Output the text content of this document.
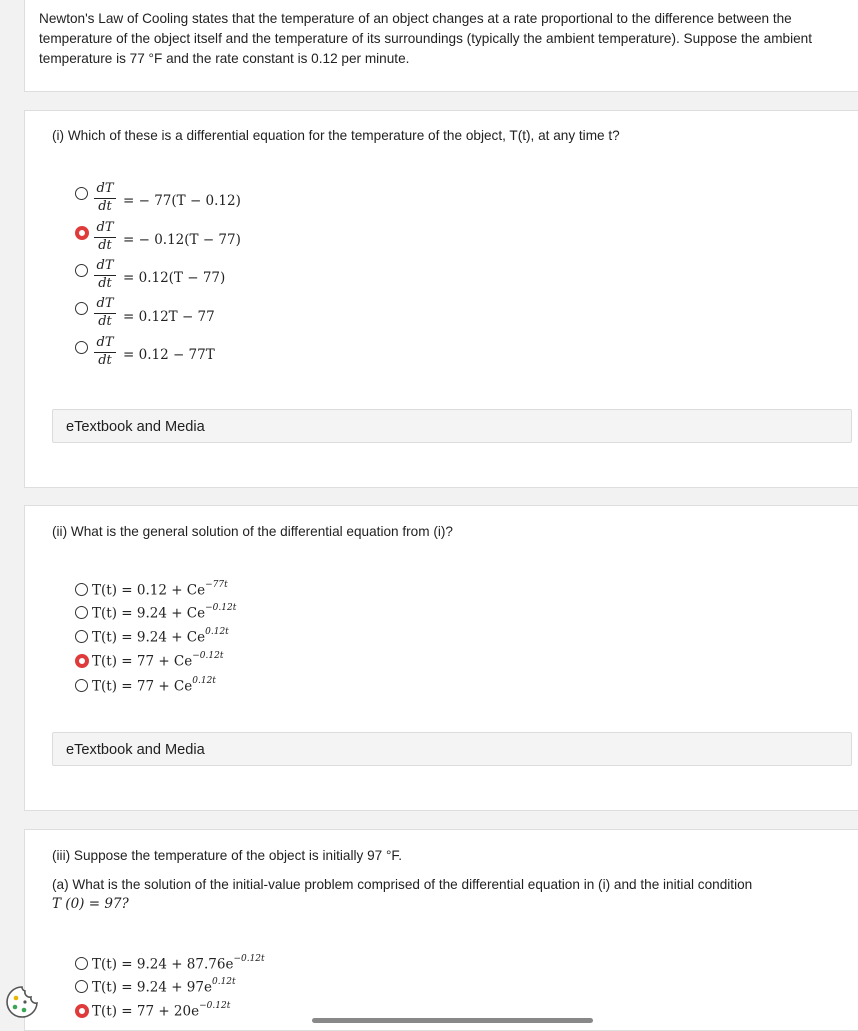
Newton's Law of Cooling states that the temperature of an object changes at a rate proportional to the difference between the temperature of the object itself and the temperature of its surroundings (typically the ambient temperature). Suppose the ambient temperature is 77 °F and the rate constant is 0.12 per minute.

(i) Which of these is a differential equation for the temperature of the object, T(t), at any time t?
dT
dt = − 77(T − 0.12)
dT
dt = − 0.12(T − 77)
dT
dt = 0.12(T − 77)
dT
dt = 0.12T − 77
dT
dt = 0.12 − 77T
eTextbook and Media
(ii) What is the general solution of the differential equation from (i)?
$T(t) = 0.12 + Ce^{-77t}$
$T(t) = 9.24 + Ce^{-0.12t}$
$T(t) = 9.24 + Ce^{0.12t}$
$T(t) = 77 + Ce^{-0.12t}$
$T(t) = 77 + Ce^{0.12t}$
eTextbook and Media
(iii) Suppose the temperature of the object is initially 97 °F.
(a) What is the solution of the initial-value problem comprised of the differential equation in (i) and the initial condition
T (0) = 97?
$T(t) = 9.24 + 87.76e^{-0.12t}$
$T(t) = 9.24 + 97e^{0.12t}$
$T(t) = 77 + 20e^{-0.12t}$
